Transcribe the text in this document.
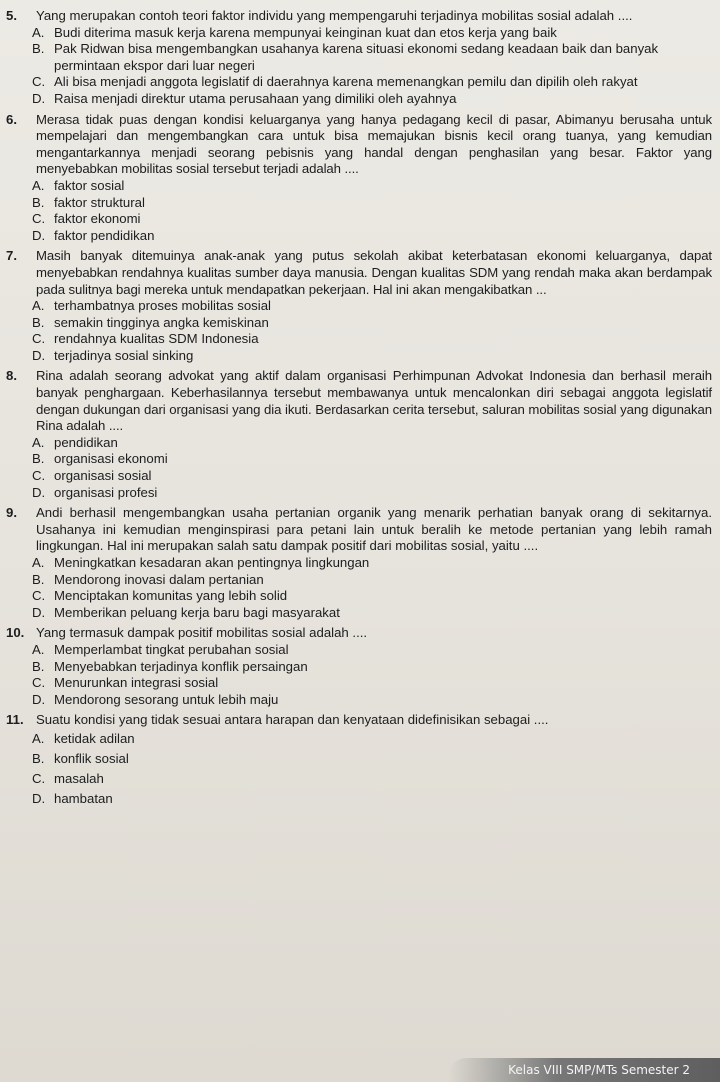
5.	Yang merupakan contoh teori faktor individu yang mempengaruhi terjadinya mobilitas sosial adalah ....
A. Budi diterima masuk kerja karena mempunyai keinginan kuat dan etos kerja yang baik
B. Pak Ridwan bisa mengembangkan usahanya karena situasi ekonomi sedang keadaan baik dan banyak permintaan ekspor dari luar negeri
C. Ali bisa menjadi anggota legislatif di daerahnya karena memenangkan pemilu dan dipilih oleh rakyat
D. Raisa menjadi direktur utama perusahaan yang dimiliki oleh ayahnya
6.	Merasa tidak puas dengan kondisi keluarganya yang hanya pedagang kecil di pasar, Abimanyu berusaha untuk mempelajari dan mengembangkan cara untuk bisa memajukan bisnis kecil orang tuanya, yang kemudian mengantarkannya menjadi seorang pebisnis yang handal dengan penghasilan yang besar. Faktor yang menyebabkan mobilitas sosial tersebut terjadi adalah ....
A. faktor sosial
B. faktor struktural
C. faktor ekonomi
D. faktor pendidikan
7.	Masih banyak ditemuinya anak-anak yang putus sekolah akibat keterbatasan ekonomi keluarganya, dapat menyebabkan rendahnya kualitas sumber daya manusia. Dengan kualitas SDM yang rendah maka akan berdampak pada sulitnya bagi mereka untuk mendapatkan pekerjaan. Hal ini akan mengakibatkan ...
A. terhambatnya proses mobilitas sosial
B. semakin tingginya angka kemiskinan
C. rendahnya kualitas SDM Indonesia
D. terjadinya sosial sinking
8.	Rina adalah seorang advokat yang aktif dalam organisasi Perhimpunan Advokat Indonesia dan berhasil meraih banyak penghargaan. Keberhasilannya tersebut membawanya untuk mencalonkan diri sebagai anggota legislatif dengan dukungan dari organisasi yang dia ikuti. Berdasarkan cerita tersebut, saluran mobilitas sosial yang digunakan Rina adalah ....
A. pendidikan
B. organisasi ekonomi
C. organisasi sosial
D. organisasi profesi
9.	Andi berhasil mengembangkan usaha pertanian organik yang menarik perhatian banyak orang di sekitarnya. Usahanya ini kemudian menginspirasi para petani lain untuk beralih ke metode pertanian yang lebih ramah lingkungan. Hal ini merupakan salah satu dampak positif dari mobilitas sosial, yaitu ....
A. Meningkatkan kesadaran akan pentingnya lingkungan
B. Mendorong inovasi dalam pertanian
C. Menciptakan komunitas yang lebih solid
D. Memberikan peluang kerja baru bagi masyarakat
10. Yang termasuk dampak positif mobilitas sosial adalah ....
A. Memperlambat tingkat perubahan sosial
B. Menyebabkan terjadinya konflik persaingan
C. Menurunkan integrasi sosial
D. Mendorong sesorang untuk lebih maju
11. Suatu kondisi yang tidak sesuai antara harapan dan kenyataan didefinisikan sebagai ....
A. ketidak adilan
B. konflik sosial
C. masalah
D. hambatan
Kelas VIII SMP/MTs Semester 2
